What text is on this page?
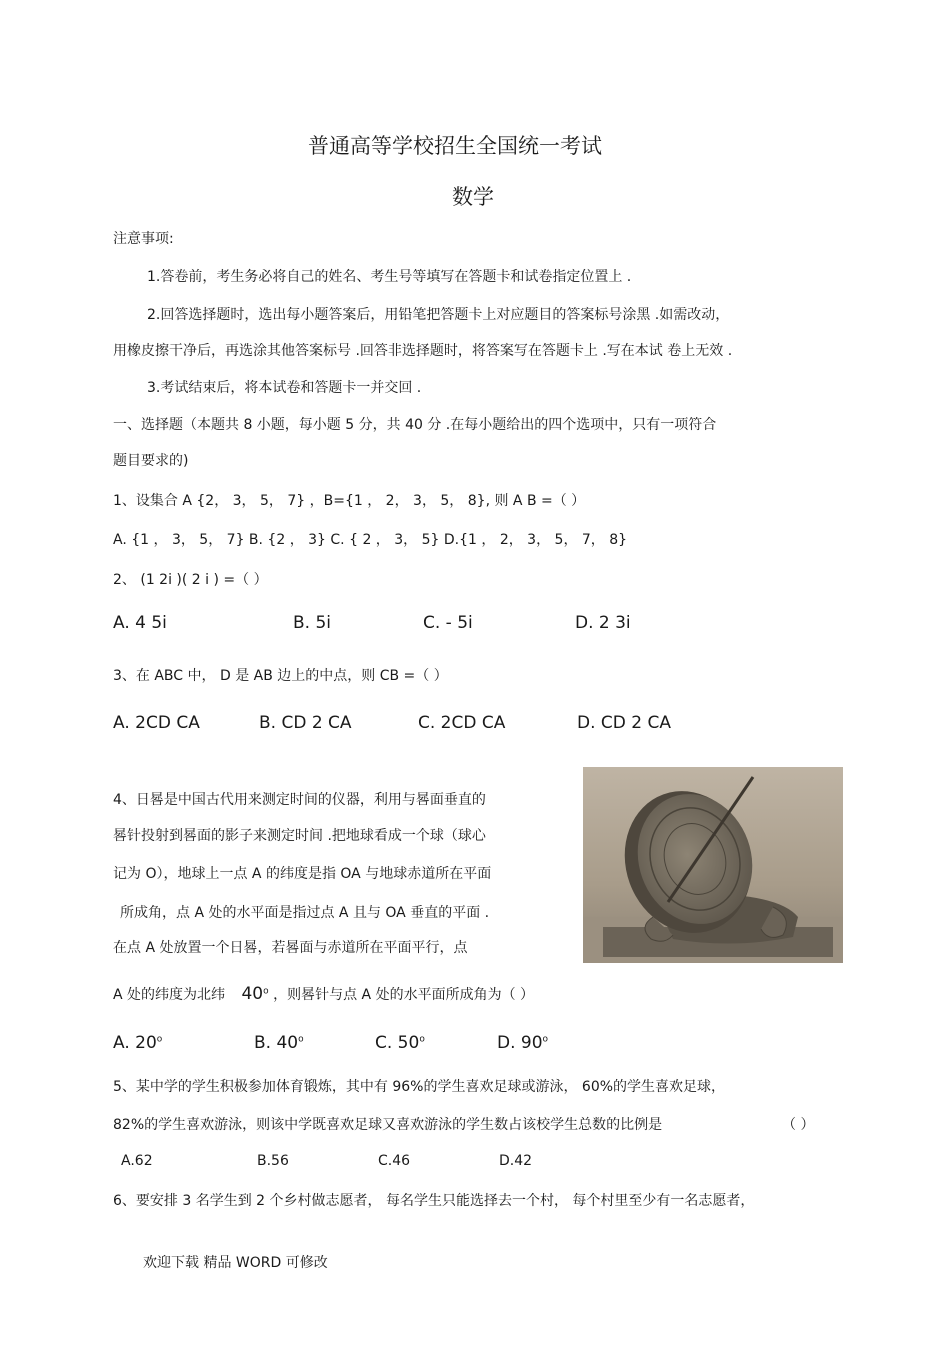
普通高等学校招生全国统一考试
数学
注意事项:
1.答卷前，考生务必将自己的姓名、考生号等填写在答题卡和试卷指定位置上 .
2.回答选择题时，选出每小题答案后，用铅笔把答题卡上对应题目的答案标号涂黑 .如需改动，
用橡皮擦干净后，再选涂其他答案标号 .回答非选择题时，将答案写在答题卡上 .写在本试 卷上无效 .
3.考试结束后，将本试卷和答题卡一并交回 .
一、选择题（本题共 8 小题，每小题 5 分，共 40 分 .在每小题给出的四个选项中，只有一项符合
题目要求的)
1、设集合 A {2， 3， 5， 7} ，B={1 ， 2， 3， 5， 8}, 则 A B =（ ）
A. {1 ， 3， 5， 7} B. {2 ， 3} C. { 2 ， 3， 5} D.{1 ， 2， 3， 5， 7， 8}
2、 (1 2i )( 2 i ) =（ ）
A. 4 5i	B. 5i	C. - 5i	D. 2 3i
3、在 ABC 中， D 是 AB 边上的中点，则 CB =（ ）
A. 2CD CA	B. CD 2 CA	C. 2CD CA	D. CD 2 CA
4、日晷是中国古代用来测定时间的仪器，利用与晷面垂直的
晷针投射到晷面的影子来测定时间 .把地球看成一个球（球心
记为 O），地球上一点 A 的纬度是指 OA 与地球赤道所在平面
所成角，点 A 处的水平面是指过点 A 且与 OA 垂直的平面 .
在点 A 处放置一个日晷，若晷面与赤道所在平面平行，点
A 处的纬度为北纬 40$^o$ ，则晷针与点 A 处的水平面所成角为（ ）
A. 20$^o$	B. 40$^o$	C. 50$^o$	D. 90$^o$
5、某中学的学生积极参加体育锻炼，其中有 96%的学生喜欢足球或游泳， 60%的学生喜欢足球，
82%的学生喜欢游泳，则该中学既喜欢足球又喜欢游泳的学生数占该校学生总数的比例是	（ ）
A.62	B.56	C.46	D.42
6、要安排 3 名学生到 2 个乡村做志愿者， 每名学生只能选择去一个村， 每个村里至少有一名志愿者，
欢迎下载 精品 WORD 可修改
